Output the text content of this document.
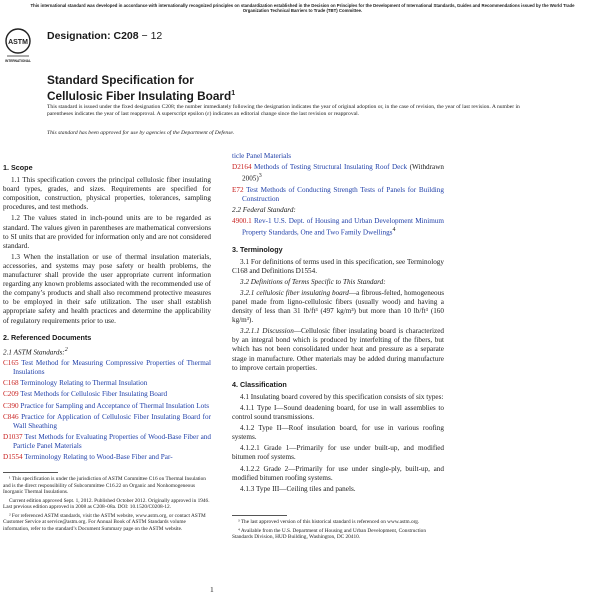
This international standard was developed in accordance with internationally recognized principles on standardization established in the Decision on Principles for the Development of International Standards, Guides and Recommendations issued by the World Trade Organization Technical Barriers to Trade (TBT) Committee.
ASTM
INTERNATIONAL
Designation: C208 − 12
Standard Specification for
Cellulosic Fiber Insulating Board$^1$
This standard is issued under the fixed designation C208; the number immediately following the designation indicates the year of original adoption or, in the case of revision, the year of last revision. A number in parentheses indicates the year of last reapproval. A superscript epsilon (ε) indicates an editorial change since the last revision or reapproval.
This standard has been approved for use by agencies of the Department of Defense.
1. Scope

1.1 This specification covers the principal cellulosic fiber insulating board types, grades, and sizes. Requirements are specified for composition, construction, physical properties, tolerances, sampling procedures, and test methods.

1.2 The values stated in inch-pound units are to be regarded as standard. The values given in parentheses are mathematical conversions to SI units that are provided for information only and are not considered standard.

1.3 When the installation or use of thermal insulation materials, accessories, and systems may pose safety or health problems, the manufacturer shall provide the user appropriate current information regarding any known problems associated with the recommended use of the company’s products and shall also recommend protective measures to be employed in their safe utilization. The user shall establish appropriate safety and health practices and determine the applicability of regulatory requirements prior to use.

2. Referenced Documents

2.1 ASTM Standards:$^2$

C165 Test Method for Measuring Compressive Properties of Thermal Insulations

C168 Terminology Relating to Thermal Insulation

C209 Test Methods for Cellulosic Fiber Insulating Board

C390 Practice for Sampling and Acceptance of Thermal Insulation Lots

C846 Practice for Application of Cellulosic Fiber Insulating Board for Wall Sheathing

D1037 Test Methods for Evaluating Properties of Wood-Base Fiber and Particle Panel Materials

D1554 Terminology Relating to Wood-Base Fiber and Par-

ticle Panel Materials

D2164 Methods of Testing Structural Insulating Roof Deck (Withdrawn 2005)$^3$

E72 Test Methods of Conducting Strength Tests of Panels for Building Construction

2.2 Federal Standard:

4900.1 Rev-1 U.S. Dept. of Housing and Urban Development Minimum Property Standards, One and Two Family Dwellings$^4$

3. Terminology

3.1 For definitions of terms used in this specification, see Terminology C168 and Definitions D1554.

3.2 Definitions of Terms Specific to This Standard:

3.2.1 cellulosic fiber insulating board—a fibrous-felted, homogeneous panel made from ligno-cellulosic fibers (usually wood) and having a density of less than 31 lb/ft³ (497 kg/m³) but more than 10 lb/ft³ (160 kg/m³).

3.2.1.1 Discussion—Cellulosic fiber insulating board is characterized by an integral bond which is produced by interfelting of the fibers, but which has not been consolidated under heat and pressure as a separate stage in manufacture. Other materials may be added during manufacture to improve certain properties.

4. Classification

4.1 Insulating board covered by this specification consists of six types:

4.1.1 Type I—Sound deadening board, for use in wall assemblies to control sound transmissions.

4.1.2 Type II—Roof insulation board, for use in various roofing systems.

4.1.2.1 Grade 1—Primarily for use under built-up, and modified bitumen roof systems.

4.1.2.2 Grade 2—Primarily for use under single-ply, built-up, and modified bitumen roofing systems.

4.1.3 Type III—Ceiling tiles and panels.

¹ This specification is under the jurisdiction of ASTM Committee C16 on Thermal Insulation and is the direct responsibility of Subcommittee C16.22 on Organic and Nonhomogeneous Inorganic Thermal Insulations.

Current edition approved Sept. 1, 2012. Published October 2012. Originally approved in 1946. Last previous edition approved in 2008 as C208–08a. DOI: 10.1520/C0208-12.

² For referenced ASTM standards, visit the ASTM website, www.astm.org, or contact ASTM Customer Service at service@astm.org. For Annual Book of ASTM Standards volume information, refer to the standard’s Document Summary page on the ASTM website.

³ The last approved version of this historical standard is referenced on www.astm.org.

⁴ Available from the U.S. Department of Housing and Urban Development, Construction Standards Division, HUD Building, Washington, DC 20410.

1
